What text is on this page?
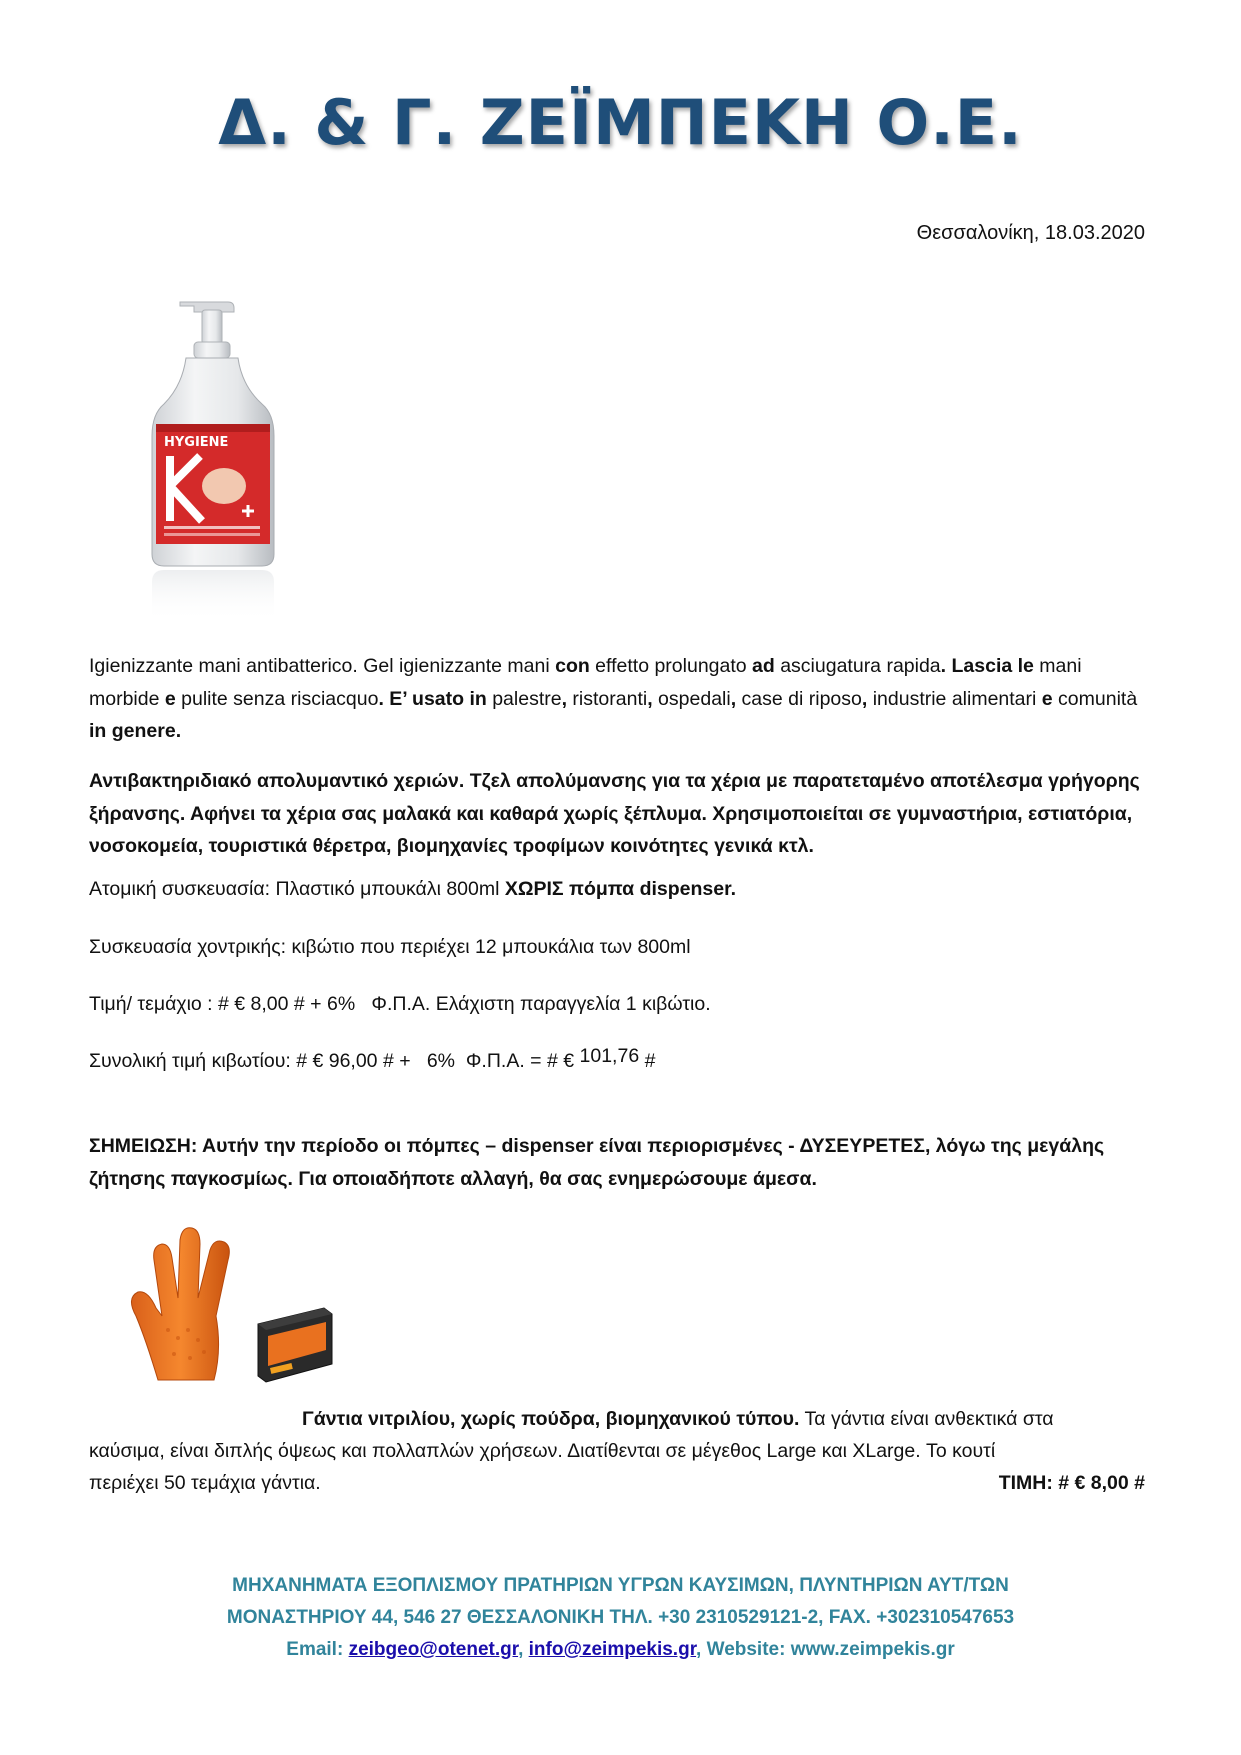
Δ. & Γ. ΖΕΪΜΠΕΚΗ Ο.Ε.
Θεσσαλονίκη, 18.03.2020
HYGIENE
Igienizzante mani antibatterico. Gel igienizzante mani con effetto prolungato ad asciugatura rapida. Lascia le mani morbide e pulite senza risciacquo. E’ usato in palestre, ristoranti, ospedali, case di riposo, industrie alimentari e comunità in genere.
Αντιβακτηριδιακό απολυμαντικό χεριών. Τζελ απολύμανσης για τα χέρια με παρατεταμένο αποτέλεσμα γρήγορης ξήρανσης. Αφήνει τα χέρια σας μαλακά και καθαρά χωρίς ξέπλυμα. Χρησιμοποιείται σε γυμναστήρια, εστιατόρια, νοσοκομεία, τουριστικά θέρετρα, βιομηχανίες τροφίμων κοινότητες γενικά κτλ.
Ατομική συσκευασία: Πλαστικό μπουκάλι 800ml ΧΩΡΙΣ πόμπα dispenser.
Συσκευασία χοντρικής: κιβώτιο που περιέχει 12 μπουκάλια των 800ml
Τιμή/ τεμάχιο : # € 8,00 # + 6%   Φ.Π.Α. Ελάχιστη παραγγελία 1 κιβώτιο.
Συνολική τιμή κιβωτίου: # € 96,00 # +   6%  Φ.Π.Α. = # € 101,76 #
ΣΗΜΕΙΩΣΗ: Αυτήν την περίοδο οι πόμπες – dispenser είναι περιορισμένες - ΔΥΣΕΥΡΕΤΕΣ, λόγω της μεγάλης ζήτησης παγκοσμίως. Για οποιαδήποτε αλλαγή, θα σας ενημερώσουμε άμεσα.
Γάντια νιτριλίου, χωρίς πούδρα, βιομηχανικού τύπου. Τα γάντια είναι ανθεκτικά στα
καύσιμα, είναι διπλής όψεως και πολλαπλών χρήσεων. Διατίθενται σε μέγεθος Large και XLarge. Το κουτί
περιέχει 50 τεμάχια γάντια.	ΤΙΜΗ: # € 8,00 #
ΜΗΧΑΝΗΜΑΤΑ ΕΞΟΠΛΙΣΜΟΥ ΠΡΑΤΗΡΙΩΝ ΥΓΡΩΝ ΚΑΥΣΙΜΩΝ, ΠΛΥΝΤΗΡΙΩΝ ΑΥΤ/ΤΩΝ
ΜΟΝΑΣΤΗΡΙΟΥ 44, 546 27 ΘΕΣΣΑΛΟΝΙΚΗ ΤΗΛ. +30 2310529121-2, FAX. +302310547653
Email: zeibgeo@otenet.gr, info@zeimpekis.gr, Website: www.zeimpekis.gr
